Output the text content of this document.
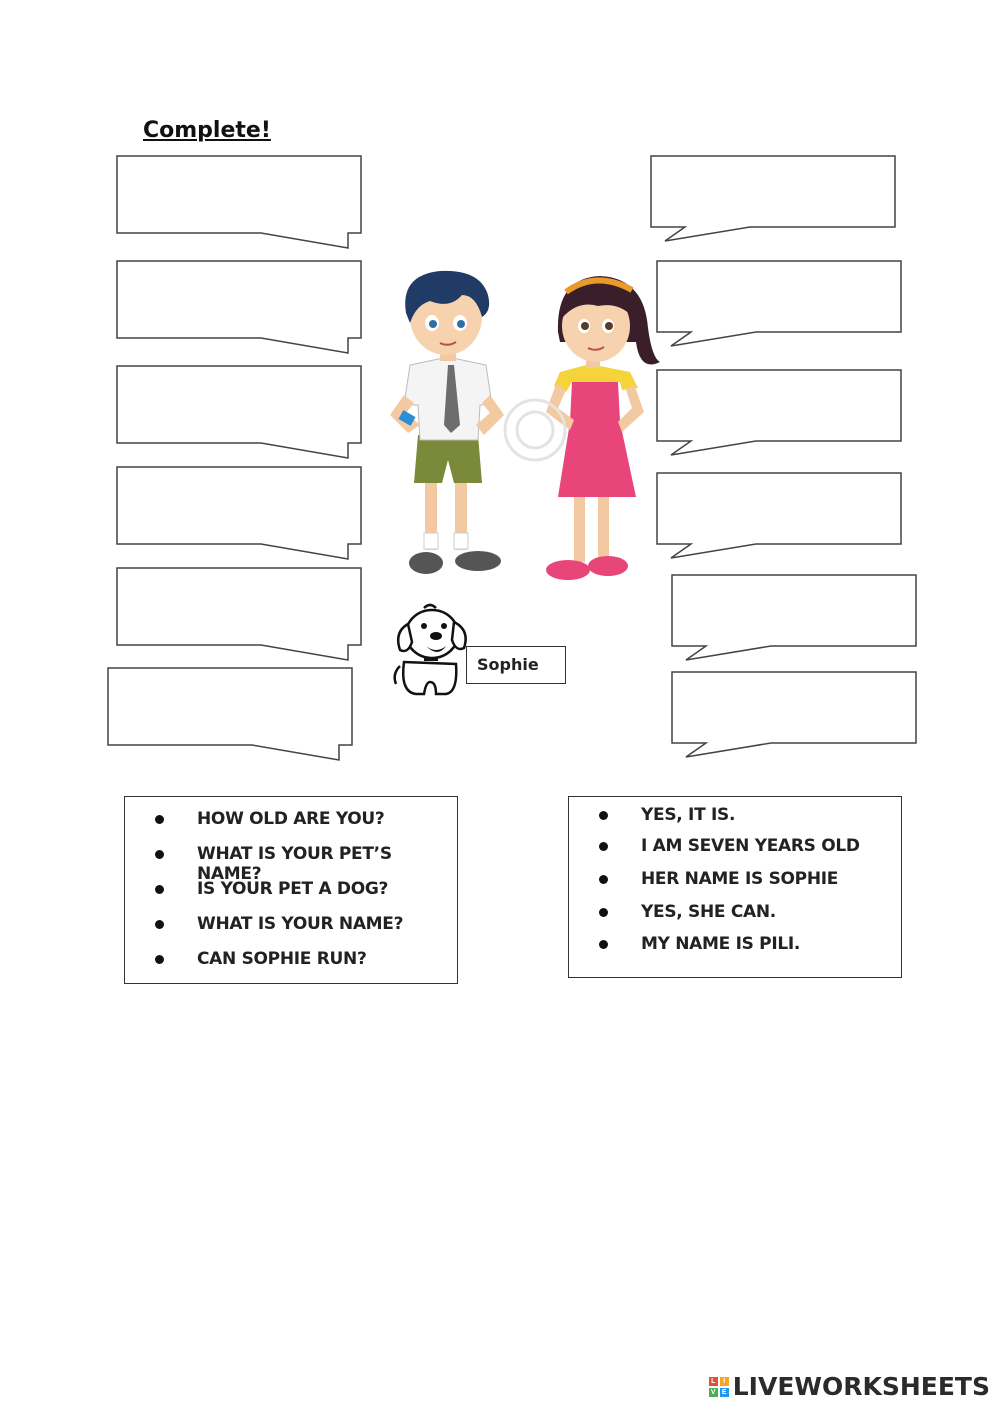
Complete!
Sophie
HOW OLD ARE YOU?
WHAT IS YOUR PET’S NAME?
IS YOUR PET A DOG?
WHAT IS YOUR NAME?
CAN SOPHIE RUN?
YES, IT IS.
I AM SEVEN YEARS OLD
HER NAME IS SOPHIE
YES, SHE CAN.
MY NAME IS PILI.
L	I
V E LIVEWORKSHEETS
